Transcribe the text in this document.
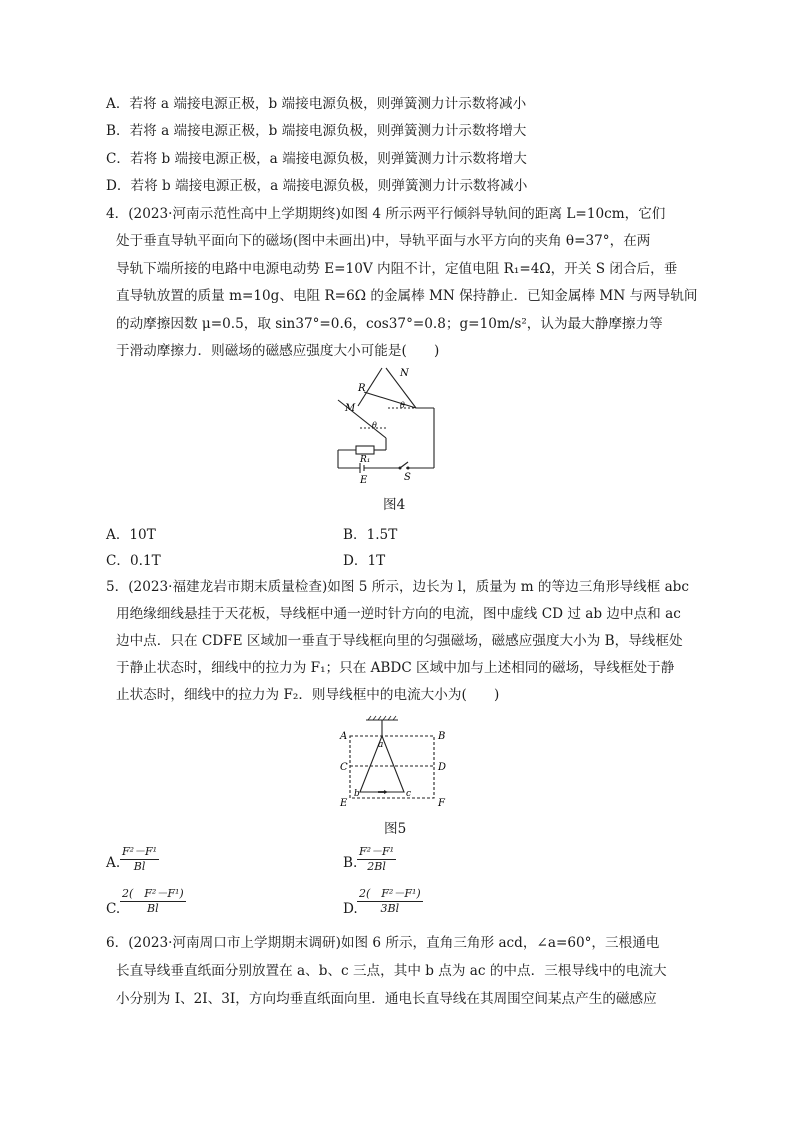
A．若将 a 端接电源正极，b 端接电源负极，则弹簧测力计示数将减小
B．若将 a 端接电源正极，b 端接电源负极，则弹簧测力计示数将增大
C．若将 b 端接电源正极，a 端接电源负极，则弹簧测力计示数将增大
D．若将 b 端接电源正极，a 端接电源负极，则弹簧测力计示数将减小
4．(2023·河南示范性高中上学期期终)如图 4 所示两平行倾斜导轨间的距离 L=10cm，它们
处于垂直导轨平面向下的磁场(图中未画出)中，导轨平面与水平方向的夹角 θ=37°，在两
导轨下端所接的电路中电源电动势 E=10V 内阻不计，定值电阻 R₁=4Ω，开关 S 闭合后，垂
直导轨放置的质量 m=10g、电阻 R=6Ω 的金属棒 MN 保持静止．已知金属棒 MN 与两导轨间
的动摩擦因数 μ=0.5，取 sin37°=0.6，cos37°=0.8；g=10m/s²，认为最大静摩擦力等
于滑动摩擦力．则磁场的磁感应强度大小可能是(　　)
R
N
M	θ
θ
R₁
E	S
图4
A．10T	B．1.5T
C．0.1T	D．1T
5．(2023·福建龙岩市期末质量检查)如图 5 所示，边长为 l，质量为 m 的等边三角形导线框 abc
用绝缘细线悬挂于天花板，导线框中通一逆时针方向的电流，图中虚线 CD 过 ab 边中点和 ac
边中点．只在 CDFE 区域加一垂直于导线框向里的匀强磁场，磁感应强度大小为 B，导线框处
于静止状态时，细线中的拉力为 F₁；只在 ABDC 区域中加与上述相同的磁场，导线框处于静
止状态时，细线中的拉力为 F₂．则导线框中的电流大小为(　　)
A	B
C	D
E	F
a
b	c
图5
A. $\frac{\text{F²－F¹}}{Bl}$	B. $\frac{\text{F²－F¹}}{2Bl}$
C. $\frac{\text{2(　F²－F¹)}}{Bl}$	D. $\frac{\text{2(　F²－F¹)}}{3Bl}$
6．(2023·河南周口市上学期期末调研)如图 6 所示，直角三角形 acd，∠a=60°，三根通电
长直导线垂直纸面分别放置在 a、b、c 三点，其中 b 点为 ac 的中点．三根导线中的电流大
小分别为 I、2I、3I，方向均垂直纸面向里．通电长直导线在其周围空间某点产生的磁感应
